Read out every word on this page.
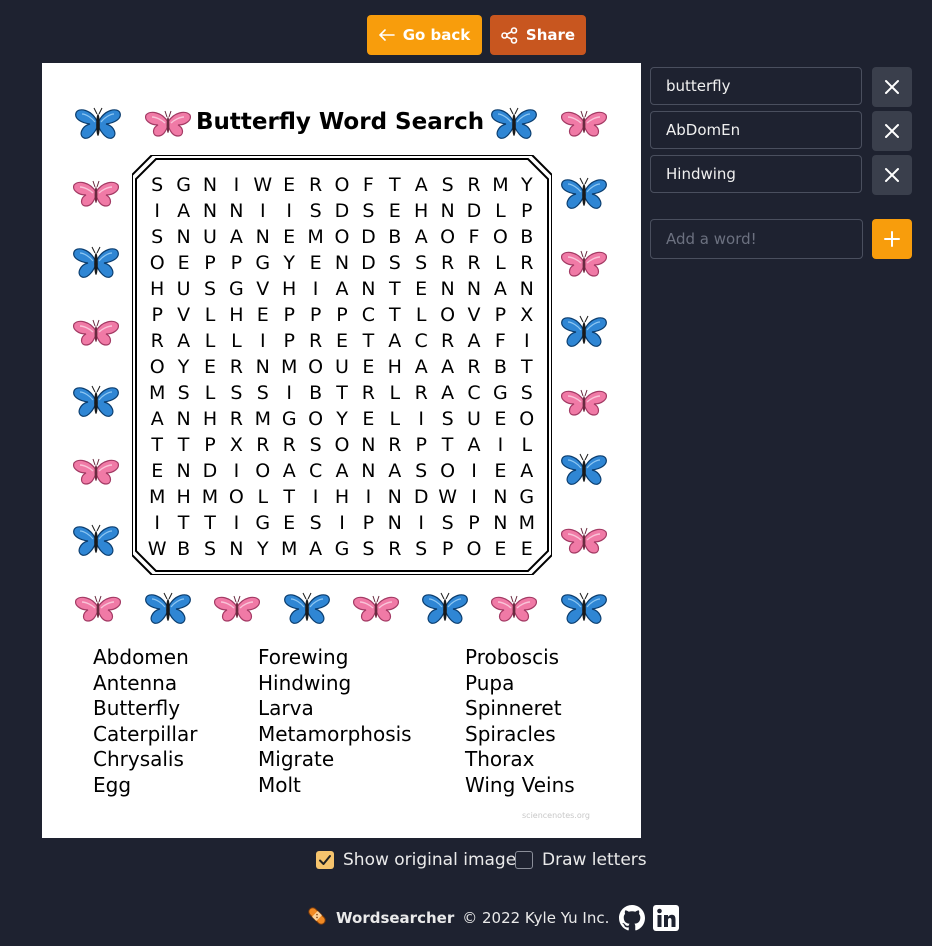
Go back	Share
S G N I W E R O F T A S R M Y
I A N N I	I S D S E H N D L P
S N U A N E M O D B A O F O B
O E P P G Y E N D S S R R L R
H U S G V H I A N T E N N A N
P V L H E P P P C T L O V P X
R A L L I P R E T A C R A F I
O Y E R N M O U E H A A R B T
M S L S S I B T R L R A C G S
A N H R M G O Y E L I S U E O
T T P X R R S O N R P T A I L
E N D I O A C A N A S O I E A
M H M O L T I H I N D W I N G
I T T I G E S I P N I S P N M
W B S N Y M A G S R S P O E E
Abdomen
Antenna
Butterfly
Caterpillar
Chrysalis
Egg
Forewing
Hindwing
Larva
Metamorphosis
Migrate
Molt
Proboscis
Pupa
Spinneret
Spiracles
Thorax
Wing Veins
sciencenotes.org
Butterfly Word Search
butterfly
AbDomEn
Hindwing
Add a word!
Show original image Draw letters
Wordsearcher © 2022 Kyle Yu Inc.
